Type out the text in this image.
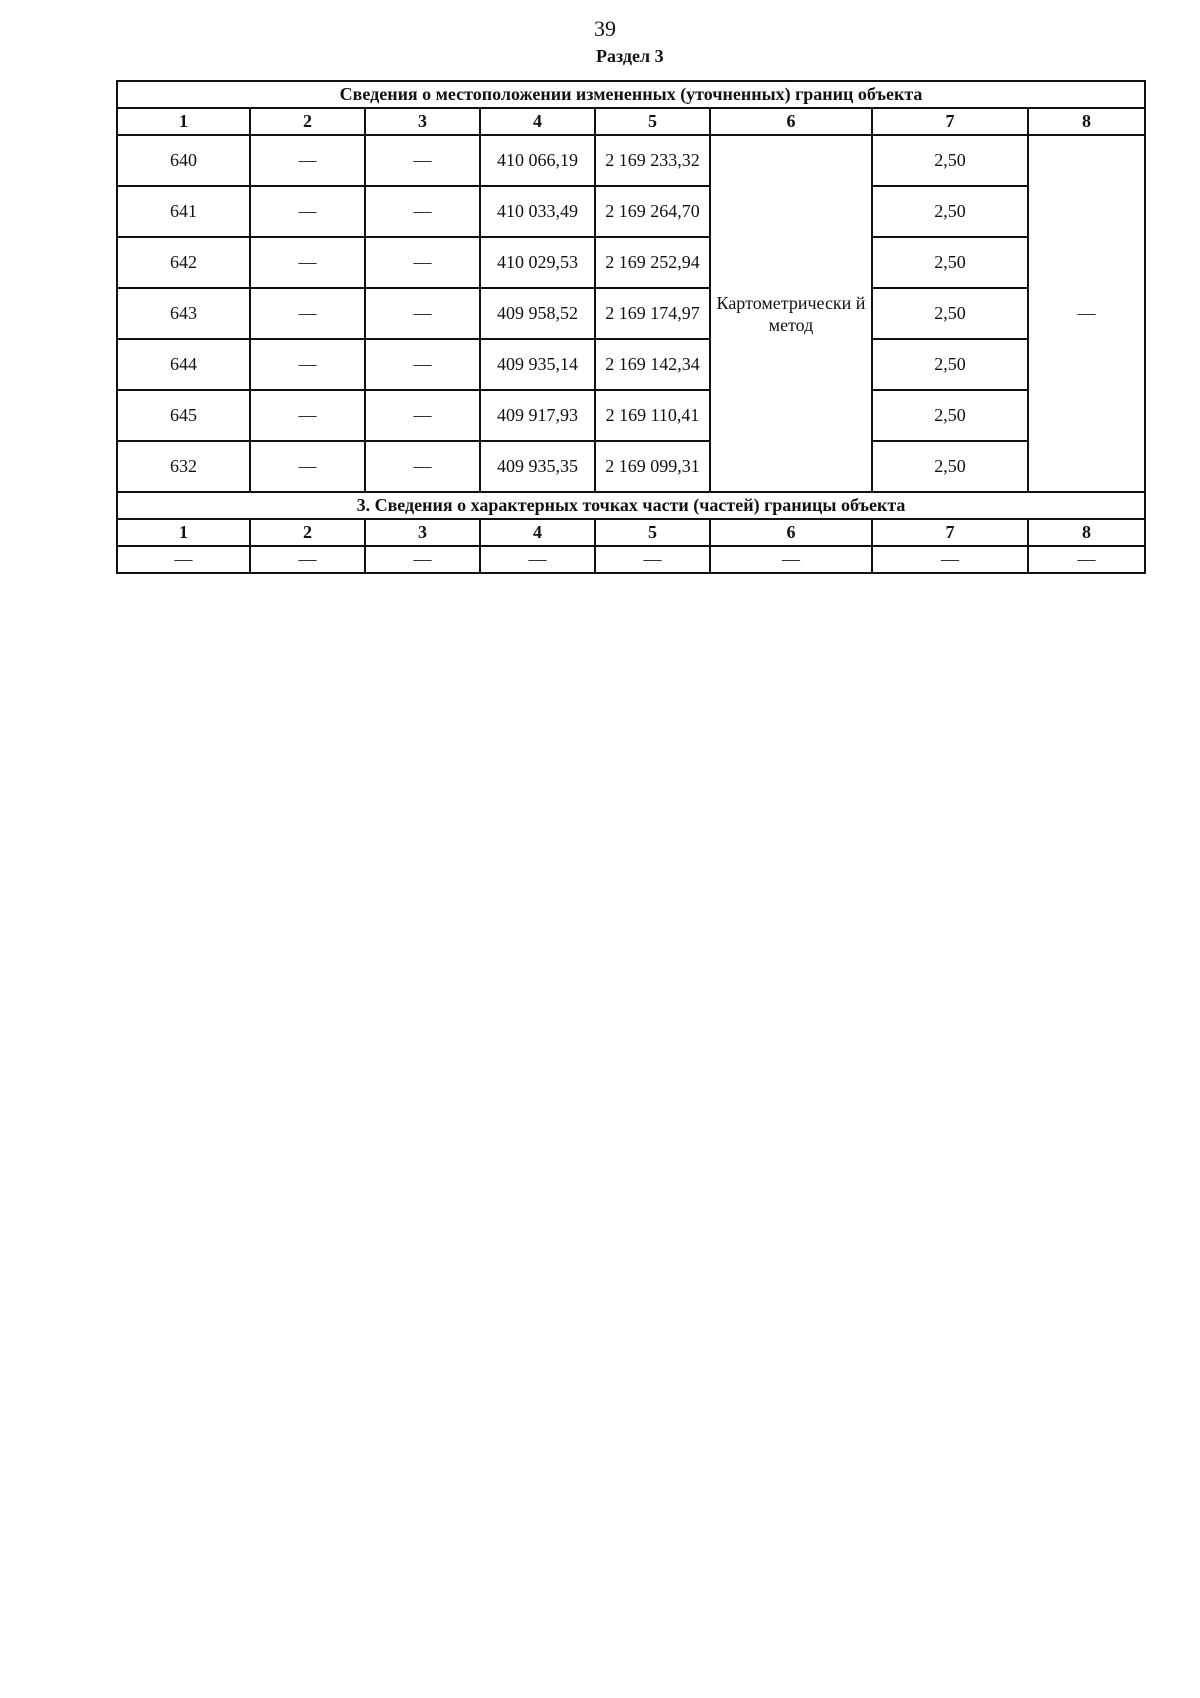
39
Раздел 3
Сведения о местоположении измененных (уточненных) границ объекта							
1	2	3	4	5	6	7	8
640	—	—	410 066,19	2 169 233,32	Картометрически й метод	2,50	—
641	—	—	410 033,49	2 169 264,70		2,50	
642	—	—	410 029,53	2 169 252,94		2,50	
643	—	—	409 958,52	2 169 174,97		2,50	
644	—	—	409 935,14	2 169 142,34		2,50	
645	—	—	409 917,93	2 169 110,41		2,50	
632	—	—	409 935,35	2 169 099,31		2,50	
3. Сведения о характерных точках части (частей) границы объекта							
1	2	3	4	5	6	7	8
—	—	—	—	—	—	—	—
